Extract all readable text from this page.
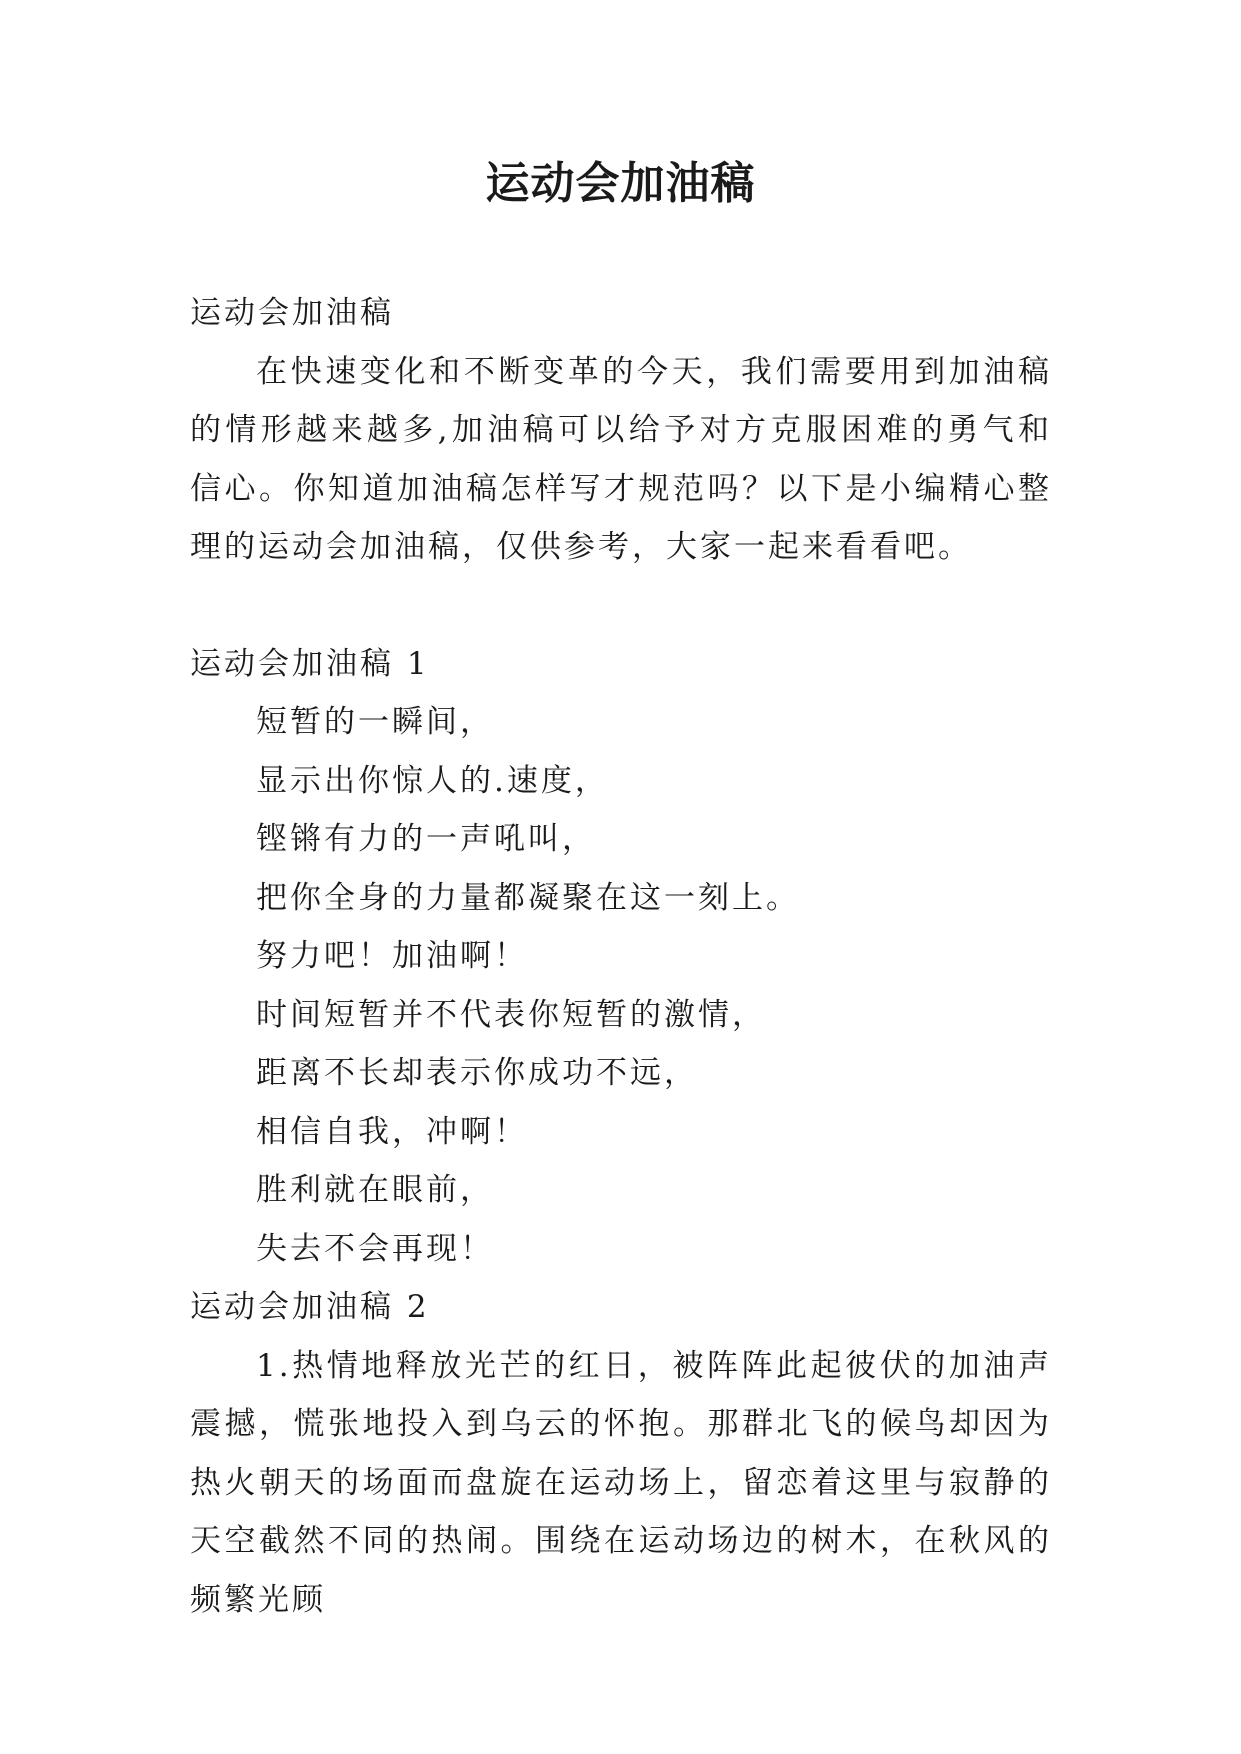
运动会加油稿

运动会加油稿

在快速变化和不断变革的今天，我们需要用到加油稿的情形越来越多,加油稿可以给予对方克服困难的勇气和信心。你知道加油稿怎样写才规范吗？以下是小编精心整理的运动会加油稿，仅供参考，大家一起来看看吧。

运动会加油稿 1

短暂的一瞬间，

显示出你惊人的.速度，

铿锵有力的一声吼叫，

把你全身的力量都凝聚在这一刻上。

努力吧！加油啊！

时间短暂并不代表你短暂的激情，

距离不长却表示你成功不远，

相信自我，冲啊！

胜利就在眼前，

失去不会再现！

运动会加油稿 2

1.热情地释放光芒的红日，被阵阵此起彼伏的加油声震撼，慌张地投入到乌云的怀抱。那群北飞的候鸟却因为热火朝天的场面而盘旋在运动场上，留恋着这里与寂静的天空截然不同的热闹。围绕在运动场边的树木，在秋风的频繁光顾
